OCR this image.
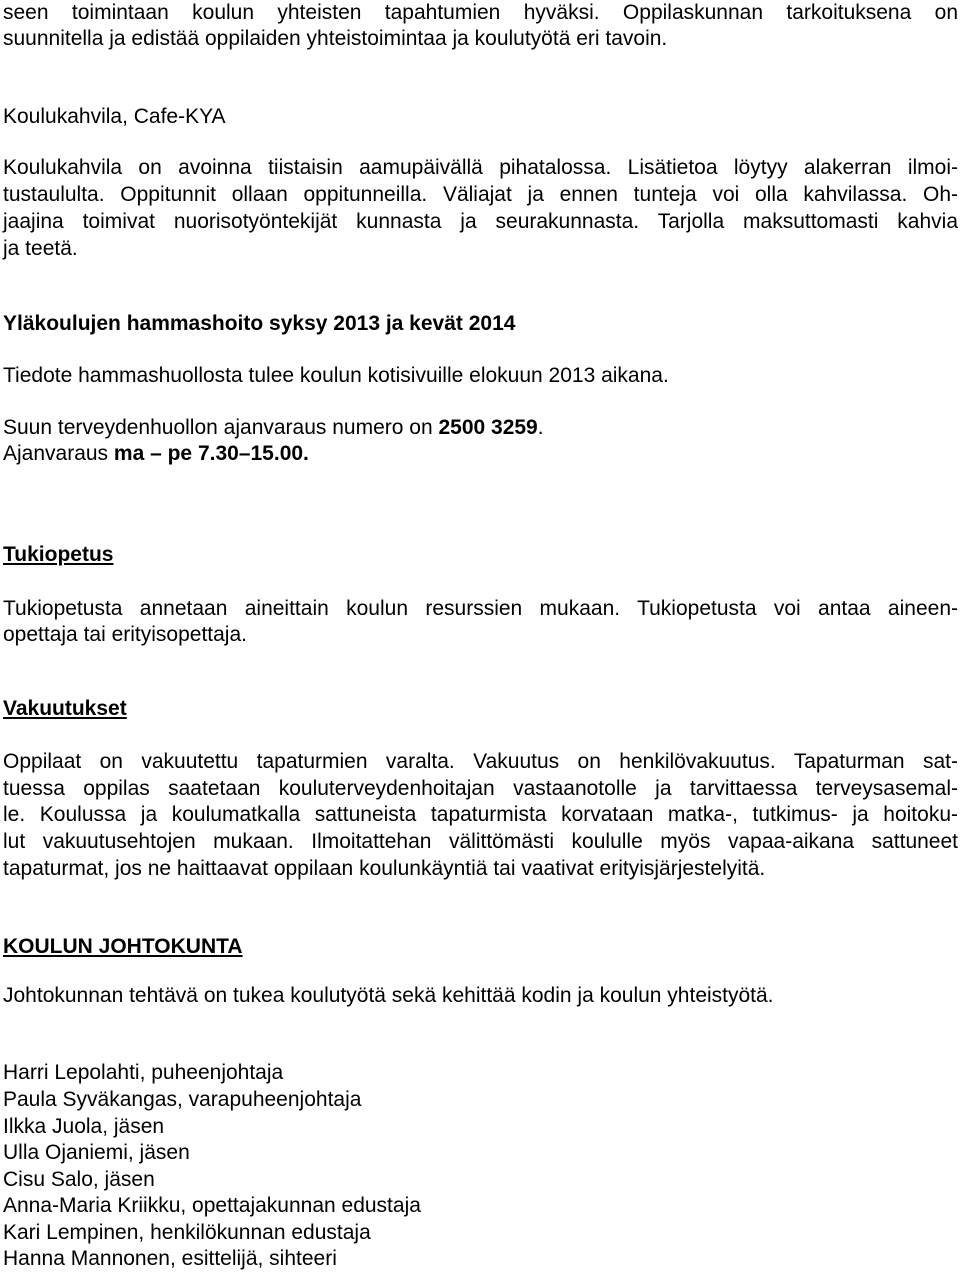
seen toimintaan koulun yhteisten tapahtumien hyväksi. Oppilaskunnan tarkoituksena on
suunnitella ja edistää oppilaiden yhteistoimintaa ja koulutyötä eri tavoin.
Koulukahvila, Cafe-KYA
Koulukahvila on avoinna tiistaisin aamupäivällä pihatalossa. Lisätietoa löytyy alakerran ilmoi-
tustaululta. Oppitunnit ollaan oppitunneilla. Väliajat ja ennen tunteja voi olla kahvilassa. Oh-
jaajina toimivat nuorisotyöntekijät kunnasta ja seurakunnasta. Tarjolla maksuttomasti kahvia
ja teetä.
Yläkoulujen hammashoito syksy 2013 ja kevät 2014
Tiedote hammashuollosta tulee koulun kotisivuille elokuun 2013 aikana.
Suun terveydenhuollon ajanvaraus numero on 2500 3259.
Ajanvaraus ma – pe 7.30–15.00.
Tukiopetus
Tukiopetusta annetaan aineittain koulun resurssien mukaan. Tukiopetusta voi antaa aineen-
opettaja tai erityisopettaja.
Vakuutukset
Oppilaat on vakuutettu tapaturmien varalta. Vakuutus on henkilövakuutus. Tapaturman sat-
tuessa oppilas saatetaan kouluterveydenhoitajan vastaanotolle ja tarvittaessa terveysasemal-
le. Koulussa ja koulumatkalla sattuneista tapaturmista korvataan matka-, tutkimus- ja hoitoku-
lut vakuutusehtojen mukaan. Ilmoitattehan välittömästi koululle myös vapaa-aikana sattuneet
tapaturmat, jos ne haittaavat oppilaan koulunkäyntiä tai vaativat erityisjärjestelyitä.
KOULUN JOHTOKUNTA
Johtokunnan tehtävä on tukea koulutyötä sekä kehittää kodin ja koulun yhteistyötä.
Harri Lepolahti, puheenjohtaja
Paula Syväkangas, varapuheenjohtaja
Ilkka Juola, jäsen
Ulla Ojaniemi, jäsen
Cisu Salo, jäsen
Anna-Maria Kriikku, opettajakunnan edustaja
Kari Lempinen, henkilökunnan edustaja
Hanna Mannonen, esittelijä, sihteeri
